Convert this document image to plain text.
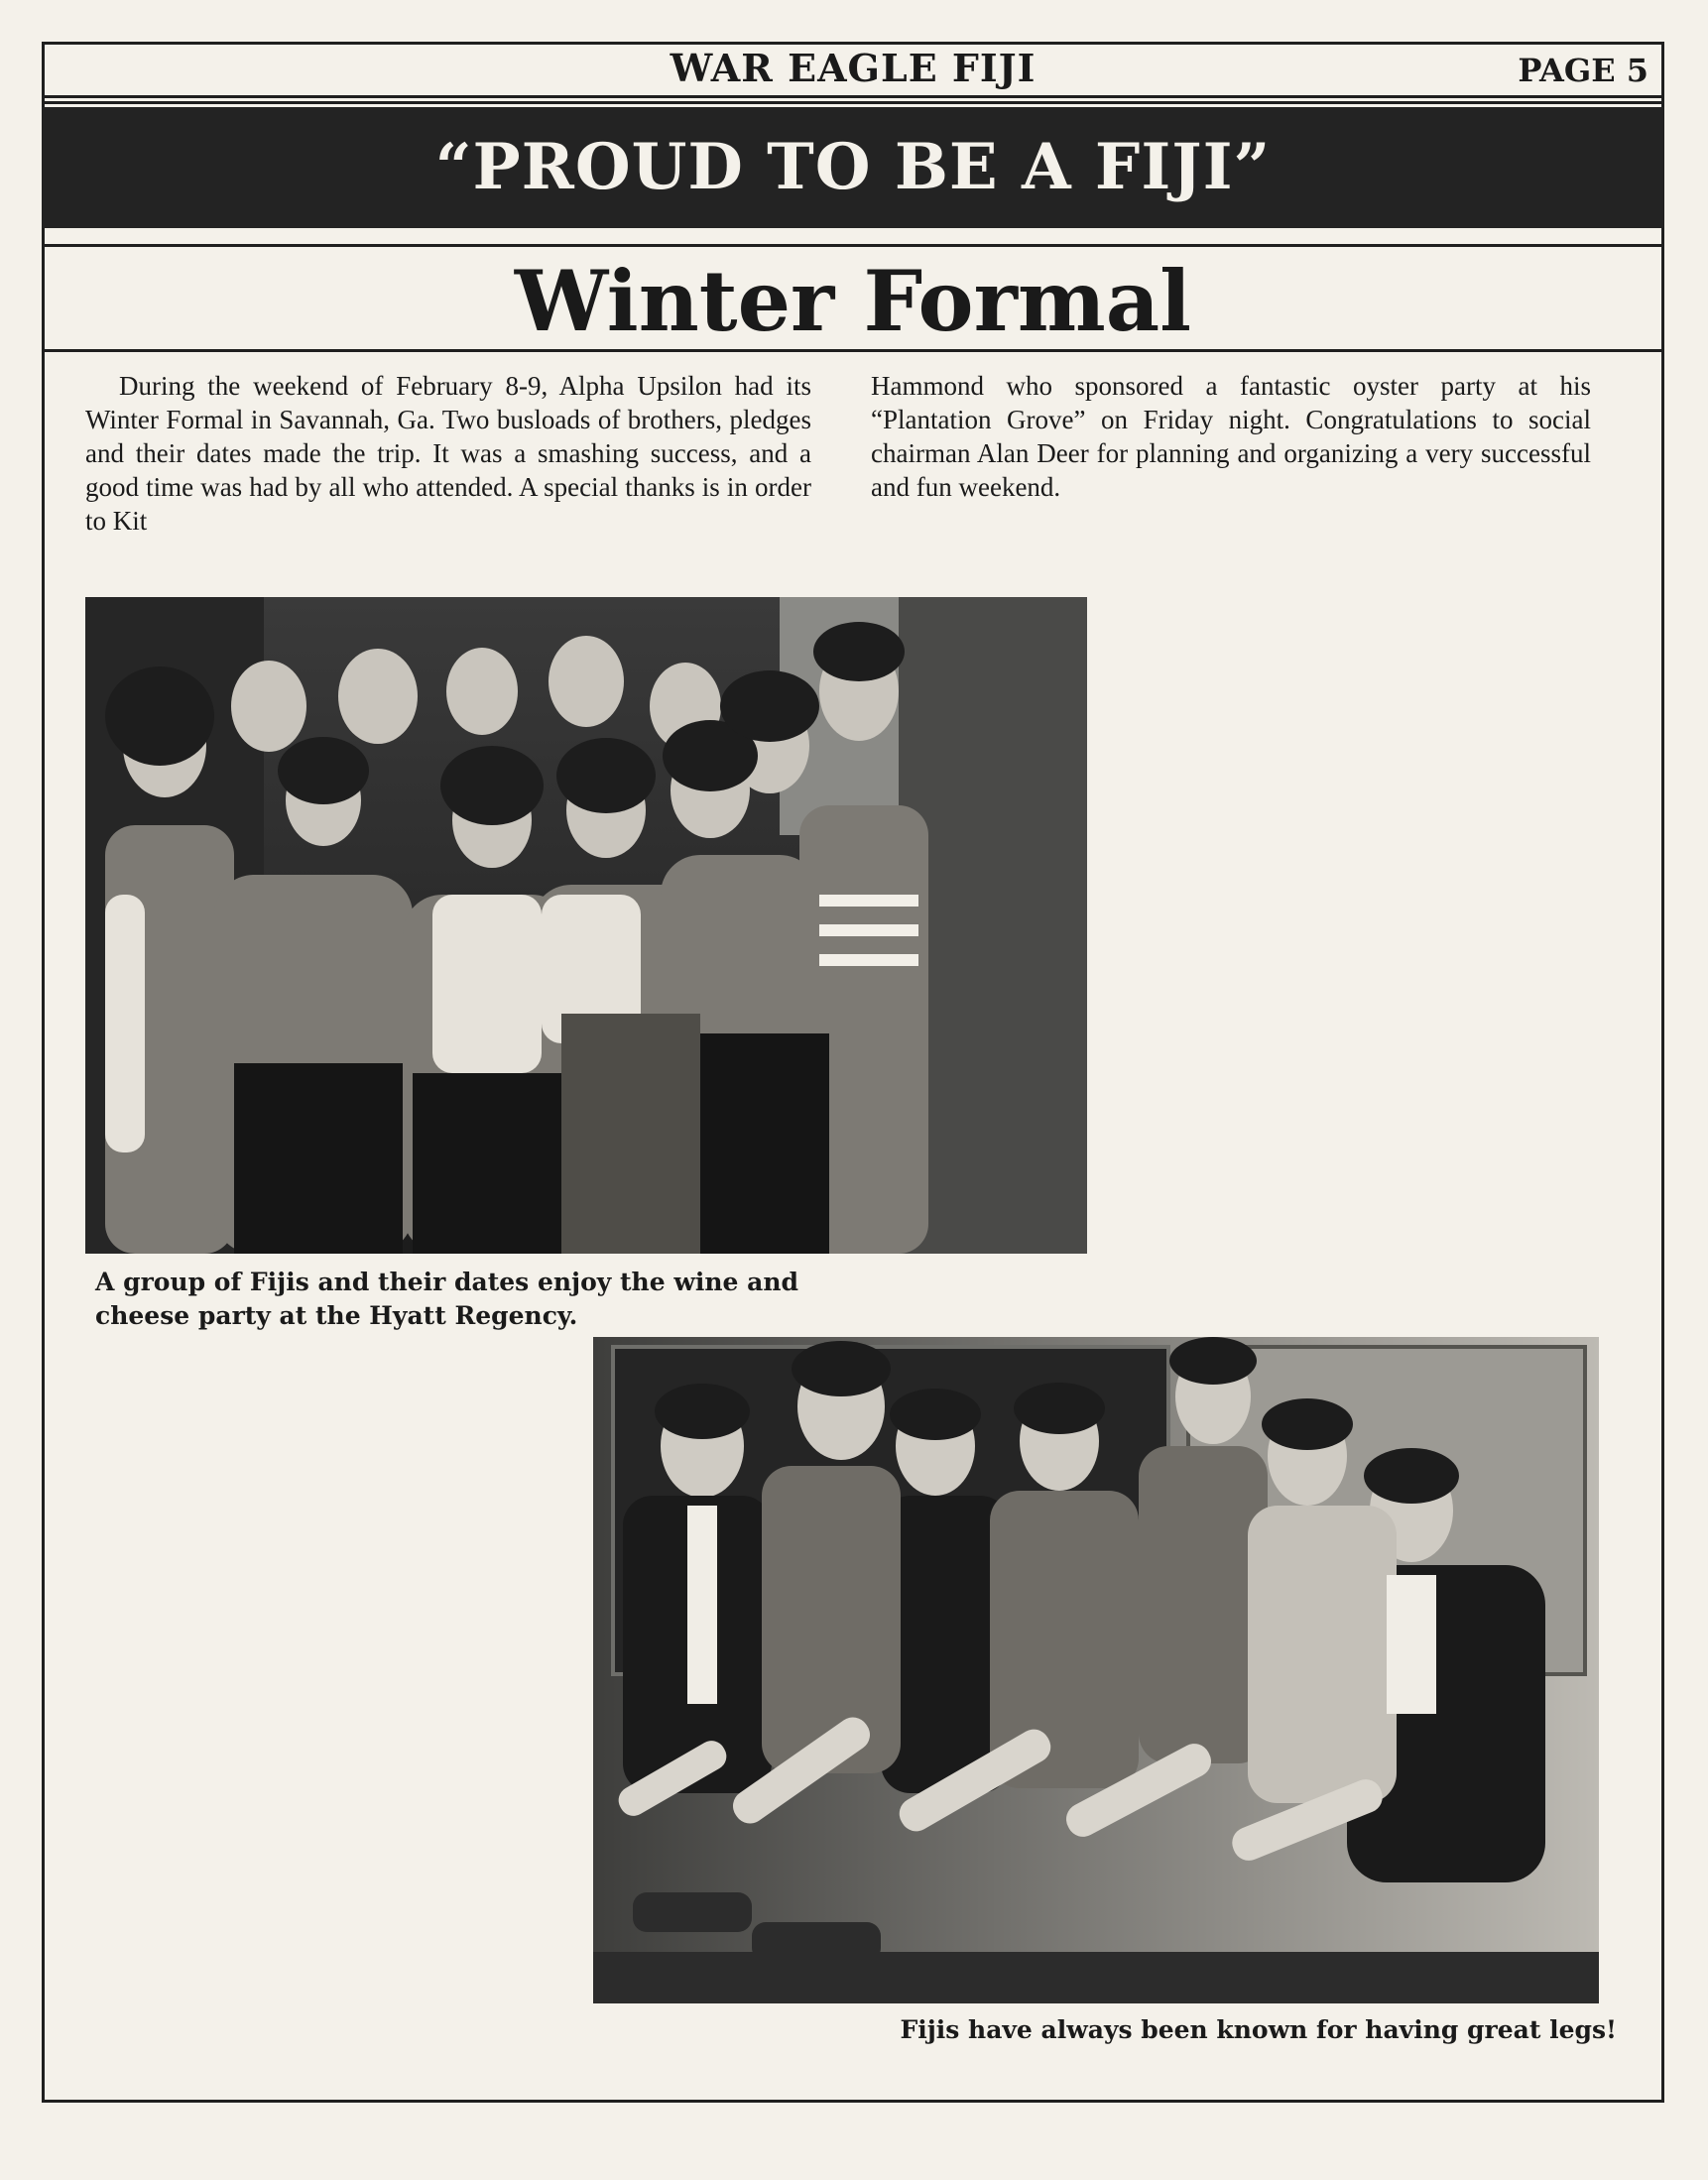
WAR EAGLE FIJI	PAGE 5
“PROUD TO BE A FIJI”
Winter Formal

During the weekend of February 8-9, Alpha Upsilon had its Winter Formal in Savannah, Ga. Two busloads of brothers, pledges and their dates made the trip. It was a smashing success, and a good time was had by all who attended. A special thanks is in order to Kit

Hammond who sponsored a fantastic oyster party at his “Plantation Grove” on Friday night. Congratulations to social chairman Alan Deer for planning and organizing a very successful and fun weekend.

A group of Fijis and their dates enjoy the wine and cheese party at the Hyatt Regency.
Fijis have always been known for having great legs!
